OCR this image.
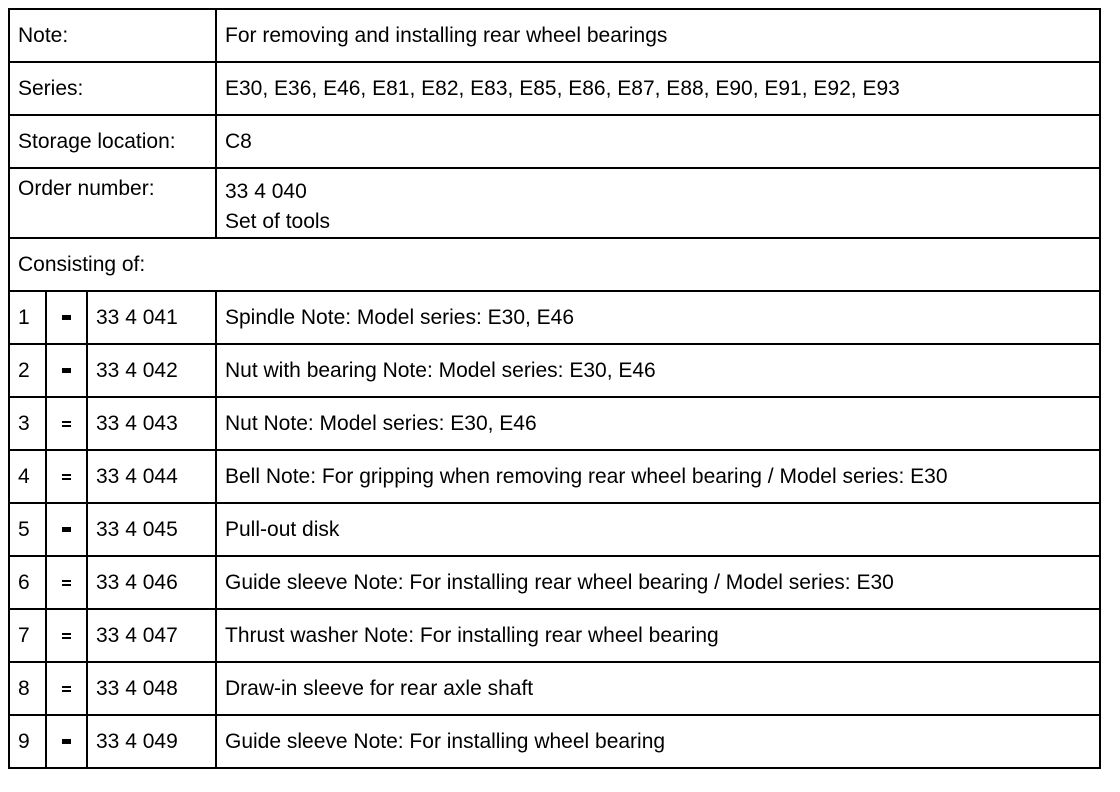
Note:			For removing and installing rear wheel bearings
Series:			E30, E36, E46, E81, E82, E83, E85, E86, E87, E88, E90, E91, E92, E93
Storage location:			C8
Order number:			33 4 040
Set of tools

Consisting of:			
1		33 4 041	Spindle Note: Model series: E30, E46
2		33 4 042	Nut with bearing Note: Model series: E30, E46
3		33 4 043	Nut Note: Model series: E30, E46
4		33 4 044	Bell Note: For gripping when removing rear wheel bearing / Model series: E30
5		33 4 045	Pull-out disk
6		33 4 046	Guide sleeve Note: For installing rear wheel bearing / Model series: E30
7		33 4 047	Thrust washer Note: For installing rear wheel bearing
8		33 4 048	Draw-in sleeve for rear axle shaft
9		33 4 049	Guide sleeve Note: For installing wheel bearing
